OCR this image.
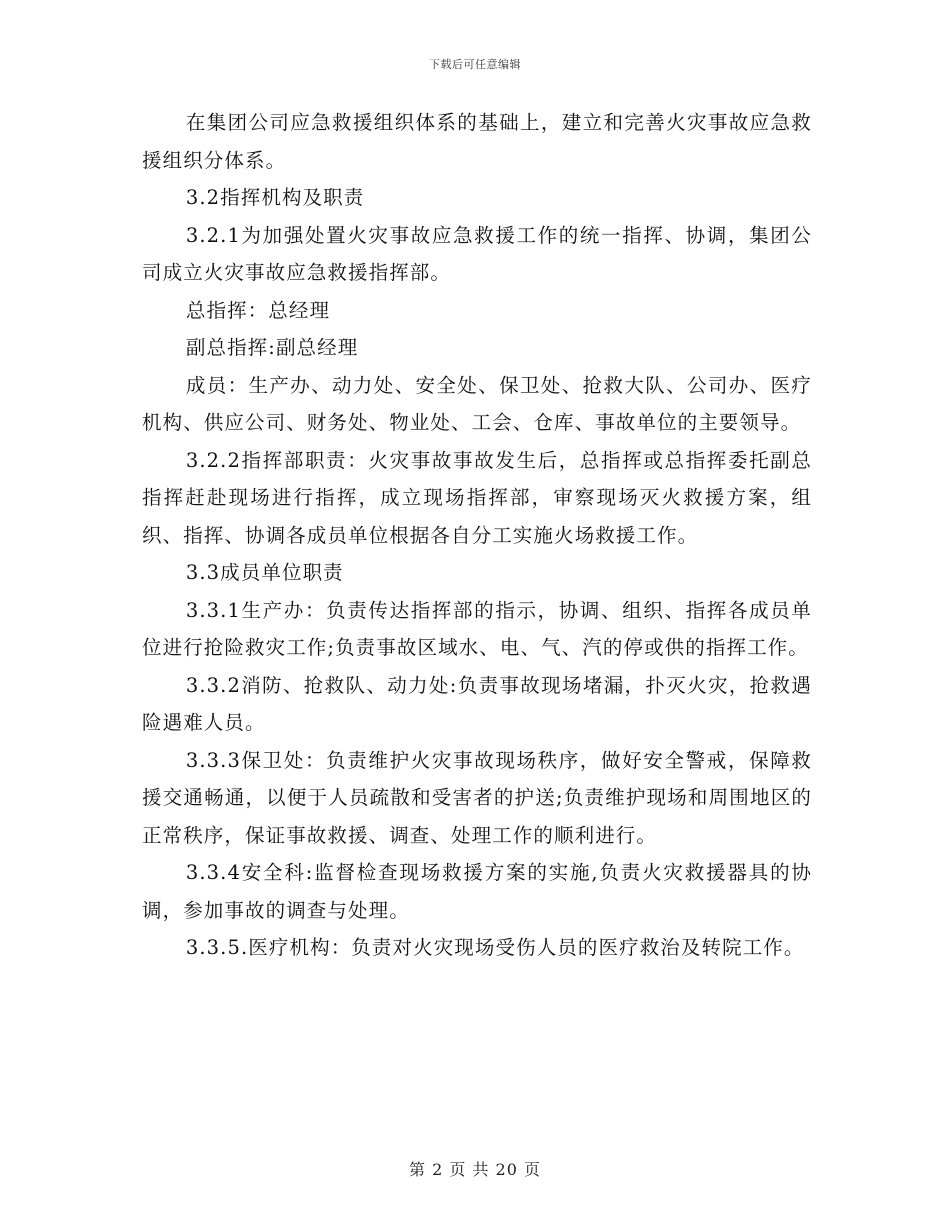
下载后可任意编辑

在集团公司应急救援组织体系的基础上，建立和完善火灾事故应急救援组织分体系。

3.2指挥机构及职责

3.2.1为加强处置火灾事故应急救援工作的统一指挥、协调，集团公司成立火灾事故应急救援指挥部。

总指挥：总经理

副总指挥:副总经理

成员：生产办、动力处、安全处、保卫处、抢救大队、公司办、医疗机构、供应公司、财务处、物业处、工会、仓库、事故单位的主要领导。

3.2.2指挥部职责：火灾事故事故发生后，总指挥或总指挥委托副总指挥赶赴现场进行指挥，成立现场指挥部，审察现场灭火救援方案，组织、指挥、协调各成员单位根据各自分工实施火场救援工作。

3.3成员单位职责

3.3.1生产办：负责传达指挥部的指示，协调、组织、指挥各成员单位进行抢险救灾工作;负责事故区域水、电、气、汽的停或供的指挥工作。

3.3.2消防、抢救队、动力处:负责事故现场堵漏，扑灭火灾，抢救遇险遇难人员。

3.3.3保卫处：负责维护火灾事故现场秩序，做好安全警戒，保障救援交通畅通，以便于人员疏散和受害者的护送;负责维护现场和周围地区的正常秩序，保证事故救援、调查、处理工作的顺利进行。

3.3.4安全科:监督检查现场救援方案的实施,负责火灾救援器具的协调，参加事故的调查与处理。

3.3.5.医疗机构：负责对火灾现场受伤人员的医疗救治及转院工作。

第 2 页 共 20 页
